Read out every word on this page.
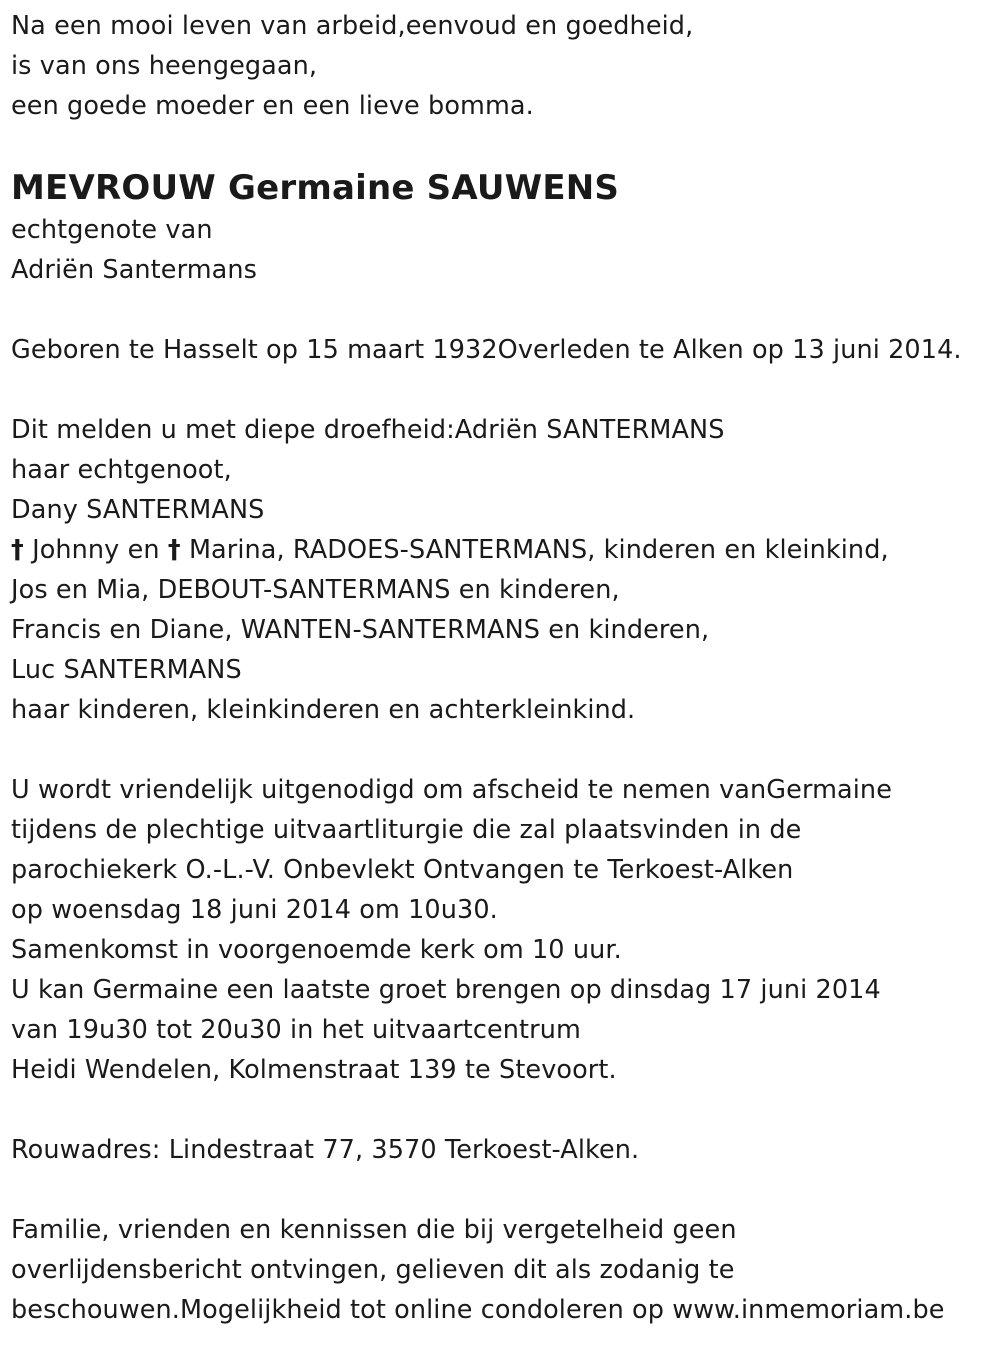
Na een mooi leven van arbeid,eenvoud en goedheid,
is van ons heengegaan,
een goede moeder en een lieve bomma.
MEVROUW Germaine SAUWENS
echtgenote van
Adriën Santermans
Geboren te Hasselt op 15 maart 1932Overleden te Alken op 13 juni 2014.
Dit melden u met diepe droefheid:Adriën SANTERMANS
haar echtgenoot,
Dany SANTERMANS
† Johnny en † Marina, RADOES-SANTERMANS, kinderen en kleinkind,
Jos en Mia, DEBOUT-SANTERMANS en kinderen,
Francis en Diane, WANTEN-SANTERMANS en kinderen,
Luc SANTERMANS
haar kinderen, kleinkinderen en achterkleinkind.
U wordt vriendelijk uitgenodigd om afscheid te nemen vanGermaine
tijdens de plechtige uitvaartliturgie die zal plaatsvinden in de
parochiekerk O.-L.-V. Onbevlekt Ontvangen te Terkoest-Alken
op woensdag 18 juni 2014 om 10u30.
Samenkomst in voorgenoemde kerk om 10 uur.
U kan Germaine een laatste groet brengen op dinsdag 17 juni 2014
van 19u30 tot 20u30 in het uitvaartcentrum
Heidi Wendelen, Kolmenstraat 139 te Stevoort.
Rouwadres: Lindestraat 77, 3570 Terkoest-Alken.
Familie, vrienden en kennissen die bij vergetelheid geen
overlijdensbericht ontvingen, gelieven dit als zodanig te
beschouwen.Mogelijkheid tot online condoleren op www.inmemoriam.be
